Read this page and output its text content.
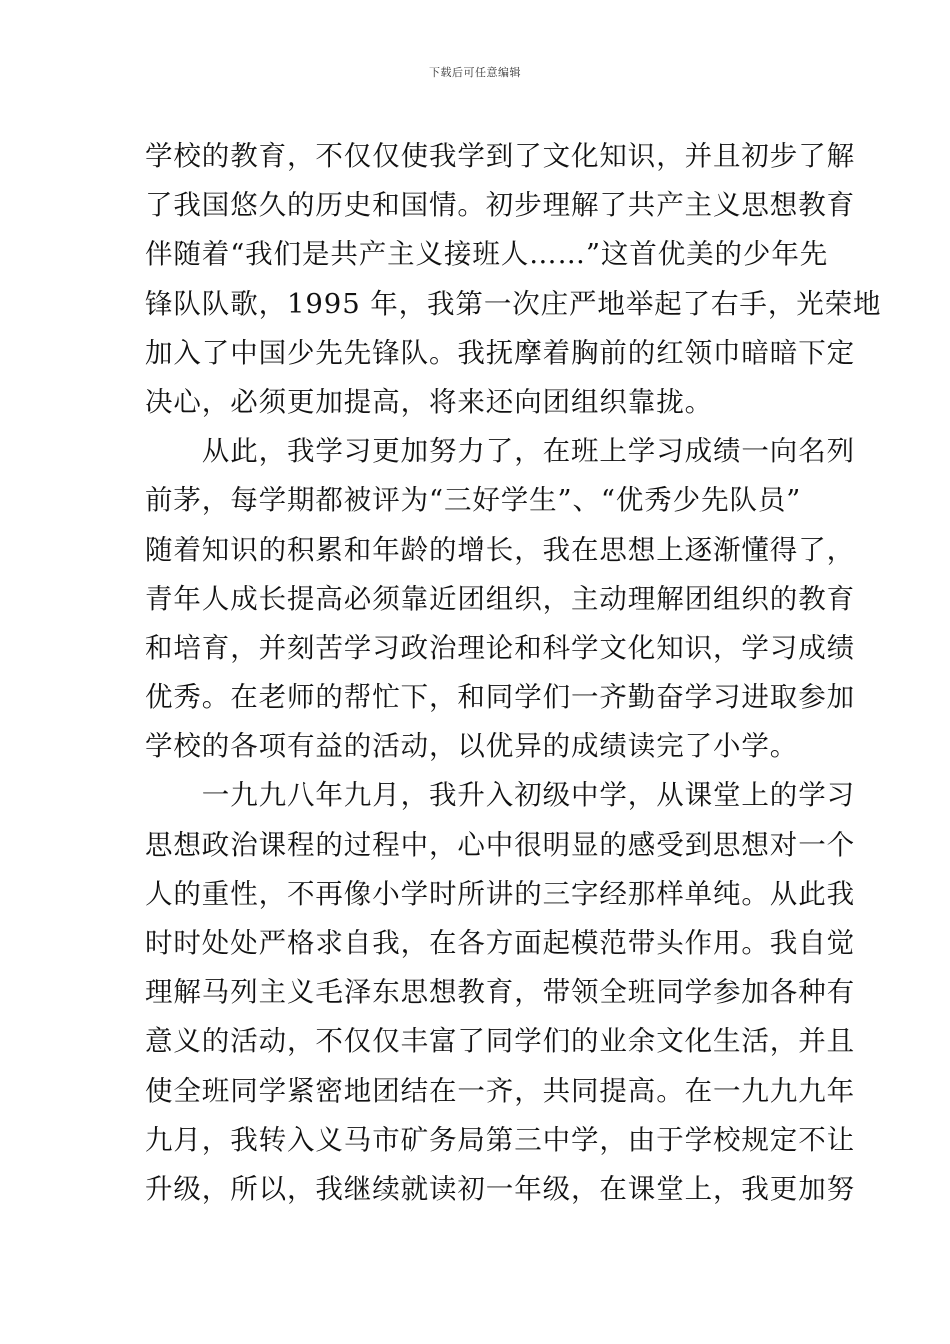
下载后可任意编辑
学校的教育，不仅仅使我学到了文化知识，并且初步了解
了我国悠久的历史和国情。初步理解了共产主义思想教育
伴随着“我们是共产主义接班人……”这首优美的少年先
锋队队歌，1995 年，我第一次庄严地举起了右手，光荣地
加入了中国少先先锋队。我抚摩着胸前的红领巾暗暗下定
决心，必须更加提高，将来还向团组织靠拢。
　　从此，我学习更加努力了，在班上学习成绩一向名列
前茅，每学期都被评为“三好学生”、“优秀少先队员”
随着知识的积累和年龄的增长，我在思想上逐渐懂得了，
青年人成长提高必须靠近团组织，主动理解团组织的教育
和培育，并刻苦学习政治理论和科学文化知识，学习成绩
优秀。在老师的帮忙下，和同学们一齐勤奋学习进取参加
学校的各项有益的活动，以优异的成绩读完了小学。
　　一九九八年九月，我升入初级中学，从课堂上的学习
思想政治课程的过程中，心中很明显的感受到思想对一个
人的重性，不再像小学时所讲的三字经那样单纯。从此我
时时处处严格求自我，在各方面起模范带头作用。我自觉
理解马列主义毛泽东思想教育，带领全班同学参加各种有
意义的活动，不仅仅丰富了同学们的业余文化生活，并且
使全班同学紧密地团结在一齐，共同提高。在一九九九年
九月，我转入义马市矿务局第三中学，由于学校规定不让
升级，所以，我继续就读初一年级，在课堂上，我更加努
